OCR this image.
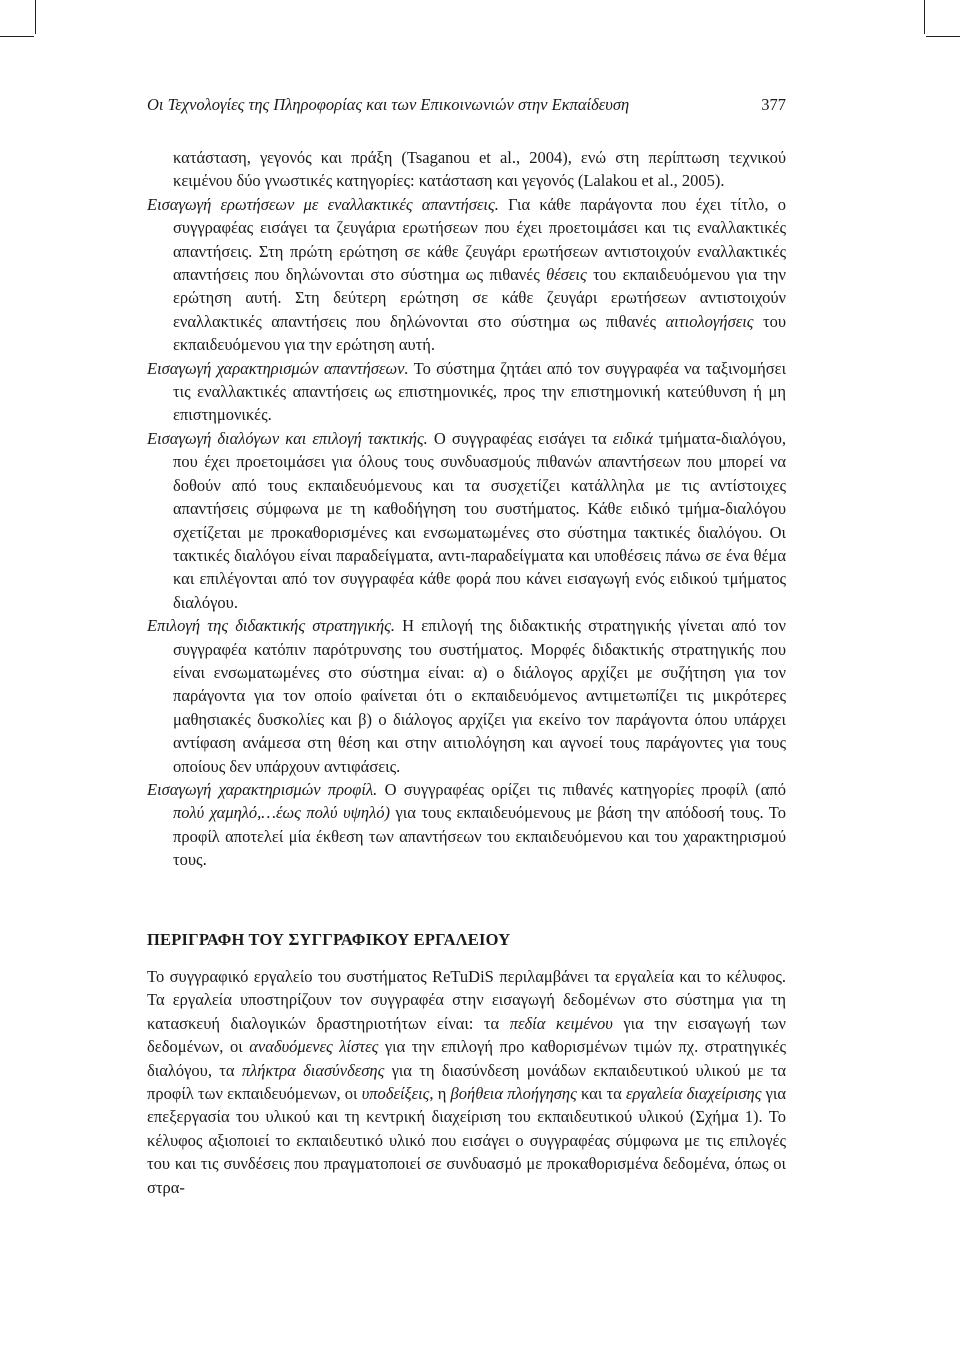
Οι Τεχνολογίες της Πληροφορίας και των Επικοινωνιών στην Εκπαίδευση	377

κατάσταση, γεγονός και πράξη (Tsaganou et al., 2004), ενώ στη περίπτωση τεχνικού κειμένου δύο γνωστικές κατηγορίες: κατάσταση και γεγονός (Lalakou et al., 2005).

Εισαγωγή ερωτήσεων με εναλλακτικές απαντήσεις. Για κάθε παράγοντα που έχει τίτλο, ο συγγραφέας εισάγει τα ζευγάρια ερωτήσεων που έχει προετοιμάσει και τις εναλλακτικές απαντήσεις. Στη πρώτη ερώτηση σε κάθε ζευγάρι ερωτήσεων αντιστοιχούν εναλλακτικές απαντήσεις που δηλώνονται στο σύστημα ως πιθανές θέσεις του εκπαιδευόμενου για την ερώτηση αυτή. Στη δεύτερη ερώτηση σε κάθε ζευγάρι ερωτήσεων αντιστοιχούν εναλλακτικές απαντήσεις που δηλώνονται στο σύστημα ως πιθανές αιτιολογήσεις του εκπαιδευόμενου για την ερώτηση αυτή.

Εισαγωγή χαρακτηρισμών απαντήσεων. Το σύστημα ζητάει από τον συγγραφέα να ταξινομήσει τις εναλλακτικές απαντήσεις ως επιστημονικές, προς την επιστημονική κατεύθυνση ή μη επιστημονικές.

Εισαγωγή διαλόγων και επιλογή τακτικής. Ο συγγραφέας εισάγει τα ειδικά τμήματα-διαλόγου, που έχει προετοιμάσει για όλους τους συνδυασμούς πιθανών απαντήσεων που μπορεί να δοθούν από τους εκπαιδευόμενους και τα συσχετίζει κατάλληλα με τις αντίστοιχες απαντήσεις σύμφωνα με τη καθοδήγηση του συστήματος. Κάθε ειδικό τμήμα-διαλόγου σχετίζεται με προκαθορισμένες και ενσωματωμένες στο σύστημα τακτικές διαλόγου. Οι τακτικές διαλόγου είναι παραδείγματα, αντι-παραδείγματα και υποθέσεις πάνω σε ένα θέμα και επιλέγονται από τον συγγραφέα κάθε φορά που κάνει εισαγωγή ενός ειδικού τμήματος διαλόγου.

Επιλογή της διδακτικής στρατηγικής. Η επιλογή της διδακτικής στρατηγικής γίνεται από τον συγγραφέα κατόπιν παρότρυνσης του συστήματος. Μορφές διδακτικής στρατηγικής που είναι ενσωματωμένες στο σύστημα είναι: α) ο διάλογος αρχίζει με συζήτηση για τον παράγοντα για τον οποίο φαίνεται ότι ο εκπαιδευόμενος αντιμετωπίζει τις μικρότερες μαθησιακές δυσκολίες και β) ο διάλογος αρχίζει για εκείνο τον παράγοντα όπου υπάρχει αντίφαση ανάμεσα στη θέση και στην αιτιολόγηση και αγνοεί τους παράγοντες για τους οποίους δεν υπάρχουν αντιφάσεις.

Εισαγωγή χαρακτηρισμών προφίλ. Ο συγγραφέας ορίζει τις πιθανές κατηγορίες προφίλ (από πολύ χαμηλό,…έως πολύ υψηλό) για τους εκπαιδευόμενους με βάση την απόδοσή τους. Το προφίλ αποτελεί μία έκθεση των απαντήσεων του εκπαιδευόμενου και του χαρακτηρισμού τους.

ΠΕΡΙΓΡΑΦΗ ΤΟΥ ΣΥΓΓΡΑΦΙΚΟΥ ΕΡΓΑΛΕΙΟΥ

Το συγγραφικό εργαλείο του συστήματος ReTuDiS περιλαμβάνει τα εργαλεία και το κέλυφος. Τα εργαλεία υποστηρίζουν τον συγγραφέα στην εισαγωγή δεδομένων στο σύστημα για τη κατασκευή διαλογικών δραστηριοτήτων είναι: τα πεδία κειμένου για την εισαγωγή των δεδομένων, οι αναδυόμενες λίστες για την επιλογή προ καθορισμένων τιμών πχ. στρατηγικές διαλόγου, τα πλήκτρα διασύνδεσης για τη διασύνδεση μονάδων εκπαιδευτικού υλικού με τα προφίλ των εκπαιδευόμενων, οι υποδείξεις, η βοήθεια πλοήγησης και τα εργαλεία διαχείρισης για επεξεργασία του υλικού και τη κεντρική διαχείριση του εκπαιδευτικού υλικού (Σχήμα 1). Το κέλυφος αξιοποιεί το εκπαιδευτικό υλικό που εισάγει ο συγγραφέας σύμφωνα με τις επιλογές του και τις συνδέσεις που πραγματοποιεί σε συνδυασμό με προκαθορισμένα δεδομένα, όπως οι στρα-
